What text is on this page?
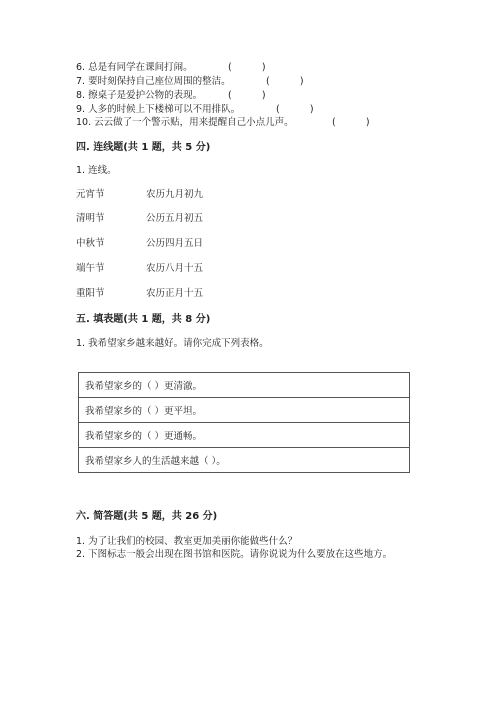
6. 总是有同学在课间打闹。	(          )
7. 要时刻保持自己座位周围的整洁。	(          )
8. 擦桌子是爱护公物的表现。	(          )
9. 人多的时候上下楼梯可以不用排队。	(          )
10. 云云做了一个警示贴，用来提醒自己小点儿声。	(          )
四. 连线题(共 1 题，共 5 分)
1. 连线。
元宵节	农历九月初九
清明节	公历五月初五
中秋节	公历四月五日
端午节	农历八月十五
重阳节	农历正月十五
五. 填表题(共 1 题，共 8 分)
1. 我希望家乡越来越好。请你完成下列表格。
我希望家乡的（ ）更清澈。
我希望家乡的（ ）更平坦。
我希望家乡的（ ）更通畅。
我希望家乡人的生活越来越（ ）。
六. 简答题(共 5 题，共 26 分)
1. 为了让我们的校园、教室更加美丽你能做些什么？
2. 下图标志一般会出现在图书馆和医院。请你说说为什么要放在这些地方。
